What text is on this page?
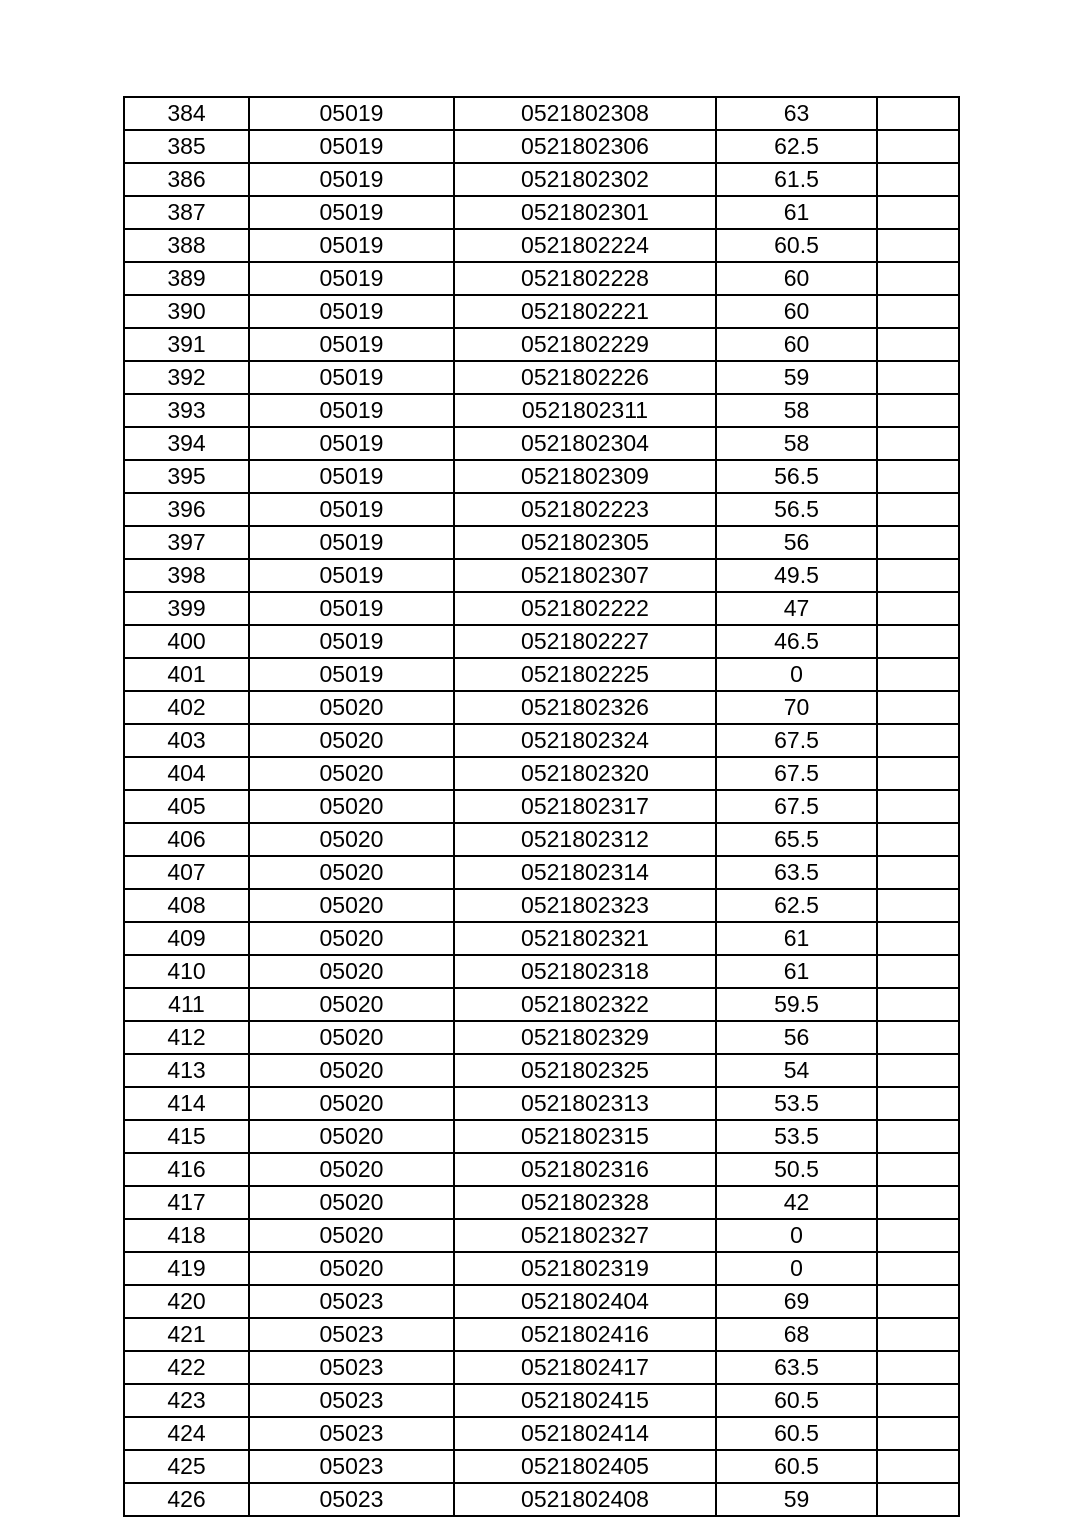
384	05019	0521802308	63	
385	05019	0521802306	62.5	
386	05019	0521802302	61.5	
387	05019	0521802301	61	
388	05019	0521802224	60.5	
389	05019	0521802228	60	
390	05019	0521802221	60	
391	05019	0521802229	60	
392	05019	0521802226	59	
393	05019	0521802311	58	
394	05019	0521802304	58	
395	05019	0521802309	56.5	
396	05019	0521802223	56.5	
397	05019	0521802305	56	
398	05019	0521802307	49.5	
399	05019	0521802222	47	
400	05019	0521802227	46.5	
401	05019	0521802225	0	
402	05020	0521802326	70	
403	05020	0521802324	67.5	
404	05020	0521802320	67.5	
405	05020	0521802317	67.5	
406	05020	0521802312	65.5	
407	05020	0521802314	63.5	
408	05020	0521802323	62.5	
409	05020	0521802321	61	
410	05020	0521802318	61	
411	05020	0521802322	59.5	
412	05020	0521802329	56	
413	05020	0521802325	54	
414	05020	0521802313	53.5	
415	05020	0521802315	53.5	
416	05020	0521802316	50.5	
417	05020	0521802328	42	
418	05020	0521802327	0	
419	05020	0521802319	0	
420	05023	0521802404	69	
421	05023	0521802416	68	
422	05023	0521802417	63.5	
423	05023	0521802415	60.5	
424	05023	0521802414	60.5	
425	05023	0521802405	60.5	
426	05023	0521802408	59	
